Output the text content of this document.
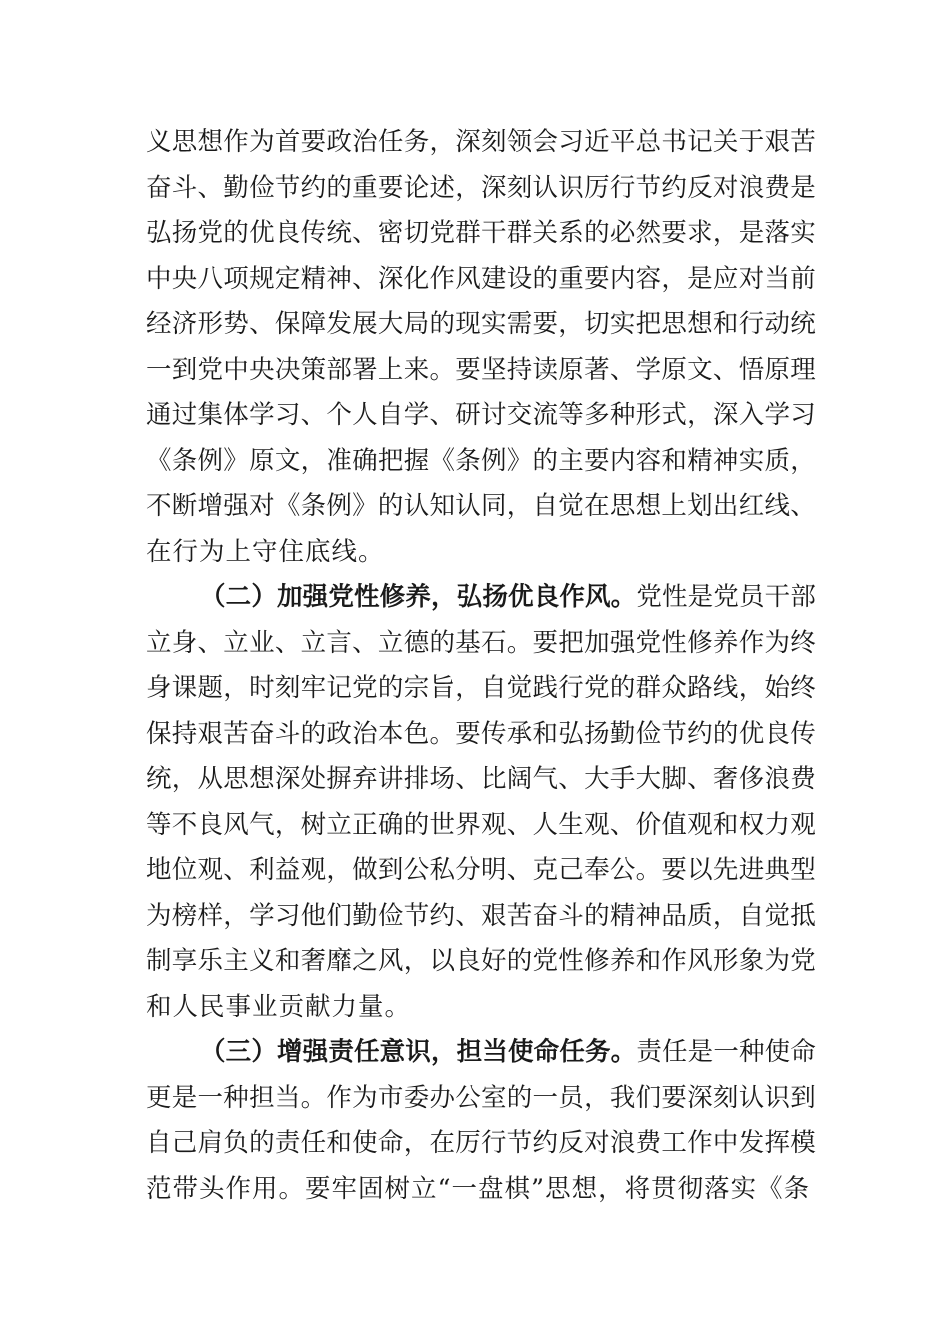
义思想作为首要政治任务，深刻领会习近平总书记关于艰苦
奋斗、勤俭节约的重要论述，深刻认识厉行节约反对浪费是
弘扬党的优良传统、密切党群干群关系的必然要求，是落实
中央八项规定精神、深化作风建设的重要内容，是应对当前
经济形势、保障发展大局的现实需要，切实把思想和行动统
一到党中央决策部署上来。要坚持读原著、学原文、悟原理
通过集体学习、个人自学、研讨交流等多种形式，深入学习
《条例》原文，准确把握《条例》的主要内容和精神实质，
不断增强对《条例》的认知认同，自觉在思想上划出红线、
在行为上守住底线。
（二）加强党性修养，弘扬优良作风。党性是党员干部
立身、立业、立言、立德的基石。要把加强党性修养作为终
身课题，时刻牢记党的宗旨，自觉践行党的群众路线，始终
保持艰苦奋斗的政治本色。要传承和弘扬勤俭节约的优良传
统，从思想深处摒弃讲排场、比阔气、大手大脚、奢侈浪费
等不良风气，树立正确的世界观、人生观、价值观和权力观
地位观、利益观，做到公私分明、克己奉公。要以先进典型
为榜样，学习他们勤俭节约、艰苦奋斗的精神品质，自觉抵
制享乐主义和奢靡之风，以良好的党性修养和作风形象为党
和人民事业贡献力量。
（三）增强责任意识，担当使命任务。责任是一种使命
更是一种担当。作为市委办公室的一员，我们要深刻认识到
自己肩负的责任和使命，在厉行节约反对浪费工作中发挥模
范带头作用。要牢固树立“一盘棋”思想，将贯彻落实《条
